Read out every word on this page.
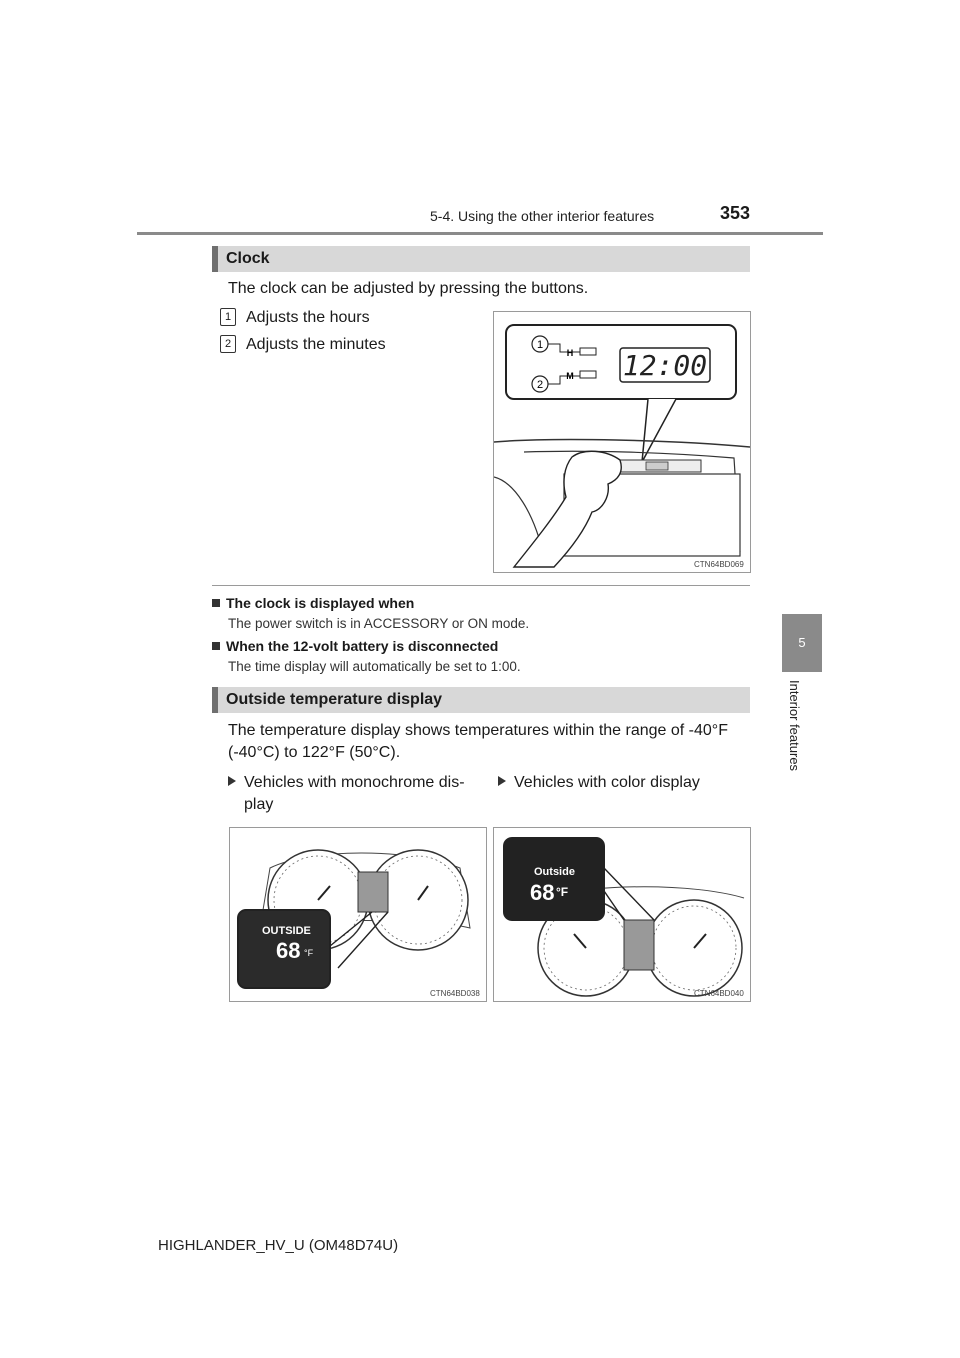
5-4. Using the other interior features	353
5
Interior features
Clock
The clock can be adjusted by pressing the buttons.
1 Adjusts the hours
2 Adjusts the minutes	1
2
H
M 12:00
CTN64BD069
The clock is displayed when
The power switch is in ACCESSORY or ON mode.
When the 12-volt battery is disconnected
The time display will automatically be set to 1:00.
Outside temperature display
The temperature display shows temperatures within the range of -40°F
(-40°C) to 122°F (50°C).
Vehicles with monochrome dis-
play
Vehicles with color display
OUTSIDE
68 °F
CTN64BD038
Outside
68 °F
CTN64BD040
HIGHLANDER_HV_U (OM48D74U)
